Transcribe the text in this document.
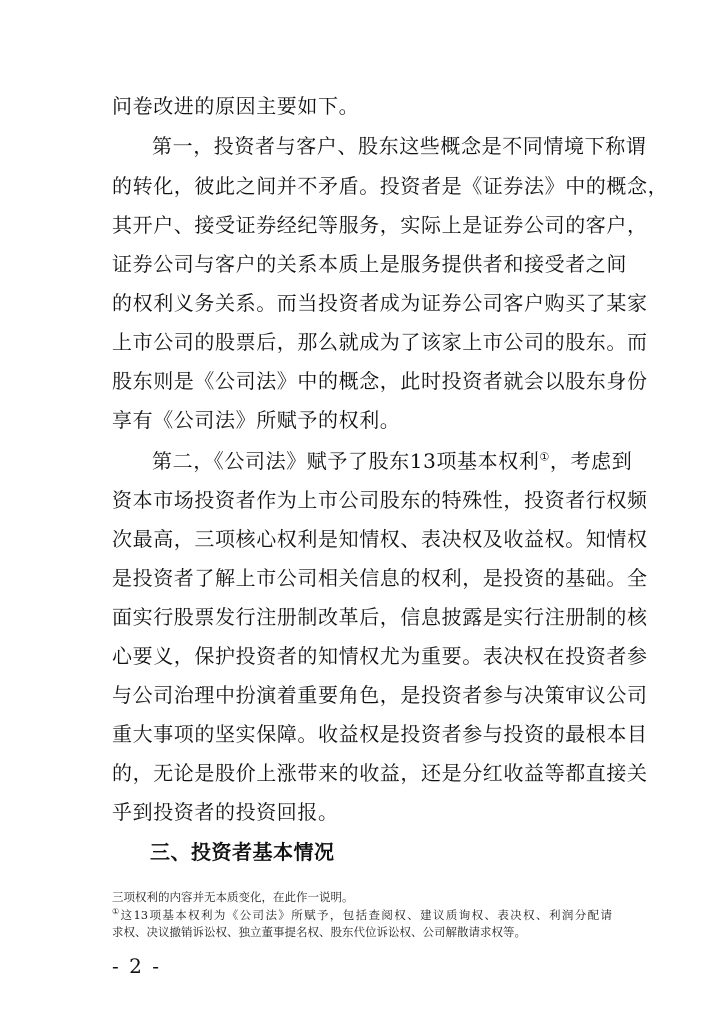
问卷改进的原因主要如下。
第一，投资者与客户、股东这些概念是不同情境下称谓
的转化，彼此之间并不矛盾。投资者是《证券法》中的概念，
其开户、接受证券经纪等服务，实际上是证券公司的客户，
证券公司与客户的关系本质上是服务提供者和接受者之间
的权利义务关系。而当投资者成为证券公司客户购买了某家
上市公司的股票后，那么就成为了该家上市公司的股东。而
股东则是《公司法》中的概念，此时投资者就会以股东身份
享有《公司法》所赋予的权利。
第二，《公司法》赋予了股东13项基本权利①，考虑到
资本市场投资者作为上市公司股东的特殊性，投资者行权频
次最高，三项核心权利是知情权、表决权及收益权。知情权
是投资者了解上市公司相关信息的权利，是投资的基础。全
面实行股票发行注册制改革后，信息披露是实行注册制的核
心要义，保护投资者的知情权尤为重要。表决权在投资者参
与公司治理中扮演着重要角色，是投资者参与决策审议公司
重大事项的坚实保障。收益权是投资者参与投资的最根本目
的，无论是股价上涨带来的收益，还是分红收益等都直接关
乎到投资者的投资回报。
三、投资者基本情况
三项权利的内容并无本质变化，在此作一说明。
①这13项基本权利为《公司法》所赋予，包括查阅权、建议质询权、表决权、利润分配请
求权、决议撤销诉讼权、独立董事提名权、股东代位诉讼权、公司解散请求权等。
- 2 -
